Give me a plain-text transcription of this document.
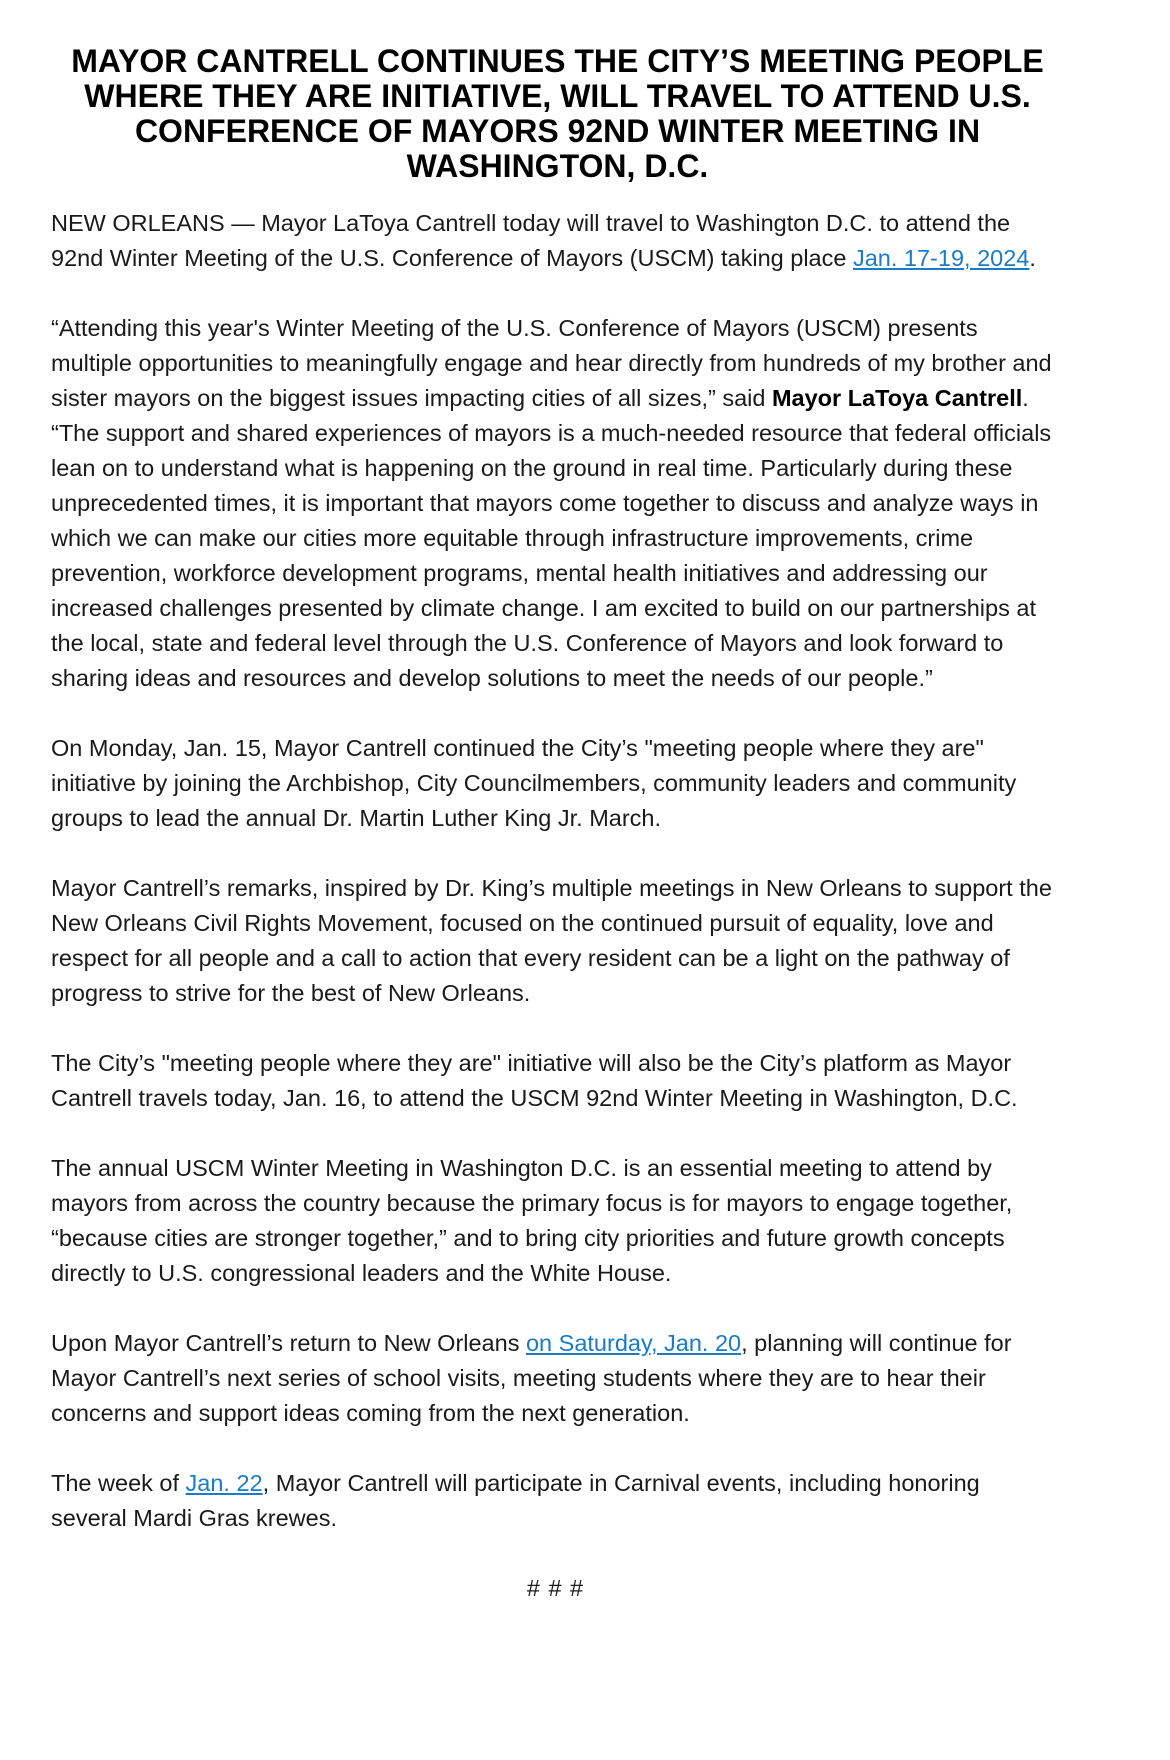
MAYOR CANTRELL CONTINUES THE CITY’S MEETING PEOPLE WHERE THEY ARE INITIATIVE, WILL TRAVEL TO ATTEND U.S. CONFERENCE OF MAYORS 92ND WINTER MEETING IN WASHINGTON, D.C.

NEW ORLEANS — Mayor LaToya Cantrell today will travel to Washington D.C. to attend the 92nd Winter Meeting of the U.S. Conference of Mayors (USCM) taking place Jan. 17-19, 2024.

“Attending this year's Winter Meeting of the U.S. Conference of Mayors (USCM) presents multiple opportunities to meaningfully engage and hear directly from hundreds of my brother and sister mayors on the biggest issues impacting cities of all sizes,” said Mayor LaToya Cantrell. “The support and shared experiences of mayors is a much-needed resource that federal officials lean on to understand what is happening on the ground in real time. Particularly during these unprecedented times, it is important that mayors come together to discuss and analyze ways in which we can make our cities more equitable through infrastructure improvements, crime prevention, workforce development programs, mental health initiatives and addressing our increased challenges presented by climate change. I am excited to build on our partnerships at the local, state and federal level through the U.S. Conference of Mayors and look forward to sharing ideas and resources and develop solutions to meet the needs of our people.”

On Monday, Jan. 15, Mayor Cantrell continued the City’s "meeting people where they are" initiative by joining the Archbishop, City Councilmembers, community leaders and community groups to lead the annual Dr. Martin Luther King Jr. March.

Mayor Cantrell’s remarks, inspired by Dr. King’s multiple meetings in New Orleans to support the New Orleans Civil Rights Movement, focused on the continued pursuit of equality, love and respect for all people and a call to action that every resident can be a light on the pathway of progress to strive for the best of New Orleans.

The City’s "meeting people where they are" initiative will also be the City’s platform as Mayor Cantrell travels today, Jan. 16, to attend the USCM 92nd Winter Meeting in Washington, D.C.

The annual USCM Winter Meeting in Washington D.C. is an essential meeting to attend by mayors from across the country because the primary focus is for mayors to engage together, “because cities are stronger together,” and to bring city priorities and future growth concepts directly to U.S. congressional leaders and the White House.

Upon Mayor Cantrell’s return to New Orleans on Saturday, Jan. 20, planning will continue for Mayor Cantrell’s next series of school visits, meeting students where they are to hear their concerns and support ideas coming from the next generation.

The week of Jan. 22, Mayor Cantrell will participate in Carnival events, including honoring several Mardi Gras krewes.

# # #
